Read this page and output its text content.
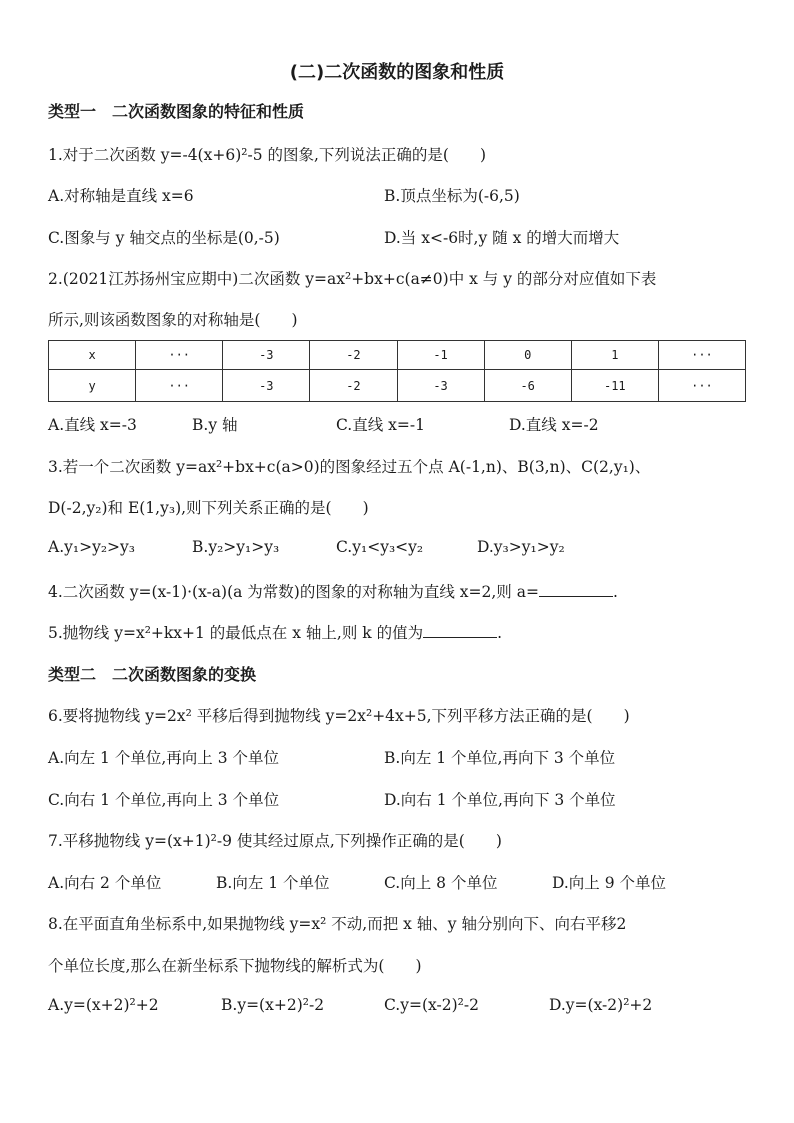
(二)二次函数的图象和性质
类型一　二次函数图象的特征和性质
1.对于二次函数 y=-4(x+6)²-5 的图象,下列说法正确的是(　　)
A.对称轴是直线 x=6	B.顶点坐标为(-6,5)
C.图象与 y 轴交点的坐标是(0,-5)	D.当 x<-6时,y 随 x 的增大而增大
2.(2021江苏扬州宝应期中)二次函数 y=ax²+bx+c(a≠0)中 x 与 y 的部分对应值如下表
所示,则该函数图象的对称轴是(　　)
x	···	-3	-2	-1	0	1	···
y	···	-3	-2	-3	-6	-11	···
A.直线 x=-3	B.y 轴	C.直线 x=-1	D.直线 x=-2
3.若一个二次函数 y=ax²+bx+c(a>0)的图象经过五个点 A(-1,n)、B(3,n)、C(2,y₁)、
D(-2,y₂)和 E(1,y₃),则下列关系正确的是(　　)
A.y₁>y₂>y₃	B.y₂>y₁>y₃	C.y₁<y₃<y₂	D.y₃>y₁>y₂
4.二次函数 y=(x-1)·(x-a)(a 为常数)的图象的对称轴为直线 x=2,则 a=	.
5.抛物线 y=x²+kx+1 的最低点在 x 轴上,则 k 的值为	.
类型二　二次函数图象的变换
6.要将抛物线 y=2x² 平移后得到抛物线 y=2x²+4x+5,下列平移方法正确的是(　　)
A.向左 1 个单位,再向上 3 个单位	B.向左 1 个单位,再向下 3 个单位
C.向右 1 个单位,再向上 3 个单位	D.向右 1 个单位,再向下 3 个单位
7.平移抛物线 y=(x+1)²-9 使其经过原点,下列操作正确的是(　　)
A.向右 2 个单位	B.向左 1 个单位	C.向上 8 个单位	D.向上 9 个单位
8.在平面直角坐标系中,如果抛物线 y=x² 不动,而把 x 轴、y 轴分别向下、向右平移2
个单位长度,那么在新坐标系下抛物线的解析式为(　　)
A.y=(x+2)²+2	B.y=(x+2)²-2	C.y=(x-2)²-2	D.y=(x-2)²+2
